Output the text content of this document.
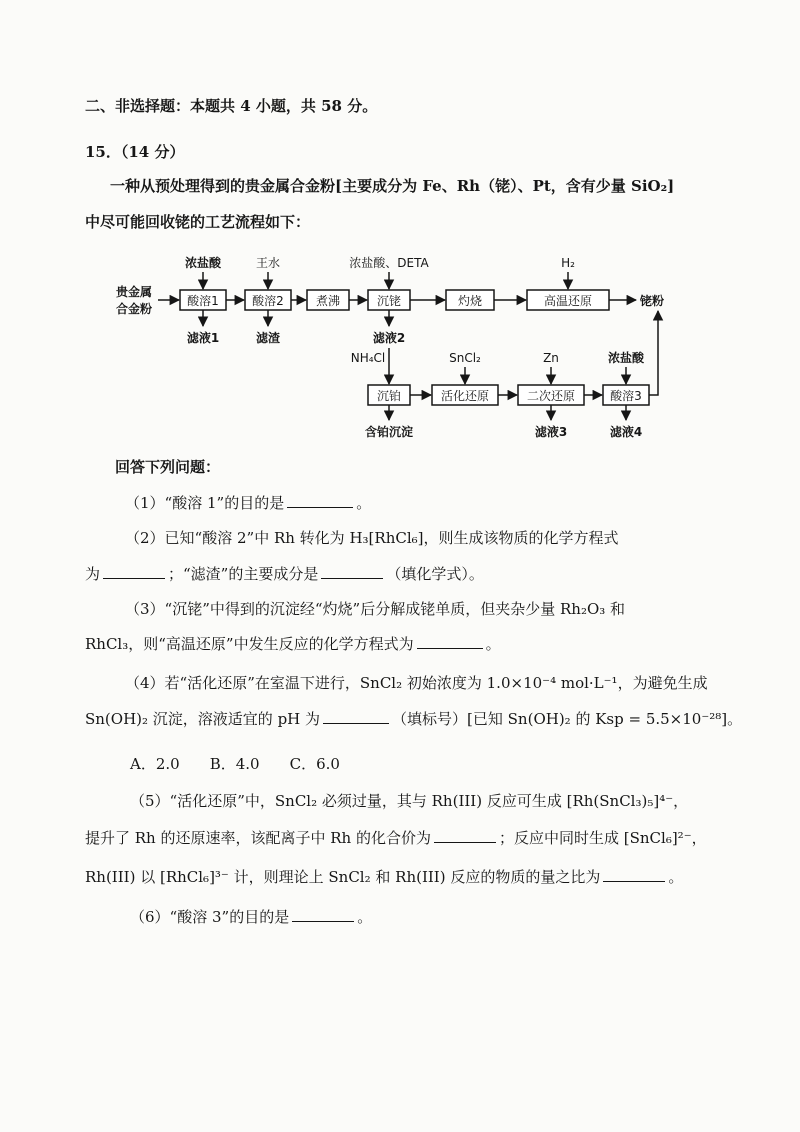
二、非选择题：本题共 4 小题，共 58 分。
15．（14 分）
一种从预处理得到的贵金属合金粉[主要成分为 Fe、Rh（铑）、Pt，含有少量 SiO₂]
中尽可能回收铑的工艺流程如下：
贵金属
合金粉
酸溶1	酸溶2	煮沸	沉铑	灼烧	高温还原	铑粉
浓盐酸	王水	浓盐酸、DETA	H₂
滤液1	滤渣	滤液2
沉铂	活化还原	二次还原	酸溶3
NH₄Cl	SnCl₂	Zn	浓盐酸
含铂沉淀	滤液3	滤液4
回答下列问题：
（1）“酸溶 1”的目的是	。
（2）已知“酸溶 2”中 Rh 转化为 H₃[RhCl₆]，则生成该物质的化学方程式
为	；“滤渣”的主要成分是	（填化学式）。
（3）“沉铑”中得到的沉淀经“灼烧”后分解成铑单质，但夹杂少量 Rh₂O₃ 和
RhCl₃，则“高温还原”中发生反应的化学方程式为	。
（4）若“活化还原”在室温下进行，SnCl₂ 初始浓度为 1.0×10⁻⁴ mol·L⁻¹，为避免生成
Sn(OH)₂ 沉淀，溶液适宜的 pH 为	（填标号）[已知 Sn(OH)₂ 的 Ksp = 5.5×10⁻²⁸]。
A．2.0 B．4.0 C．6.0
（5）“活化还原”中，SnCl₂ 必须过量，其与 Rh(III) 反应可生成 [Rh(SnCl₃)₅]⁴⁻，
提升了 Rh 的还原速率，该配离子中 Rh 的化合价为	；反应中同时生成 [SnCl₆]²⁻，
Rh(III) 以 [RhCl₆]³⁻ 计，则理论上 SnCl₂ 和 Rh(III) 反应的物质的量之比为	。
（6）“酸溶 3”的目的是	。
